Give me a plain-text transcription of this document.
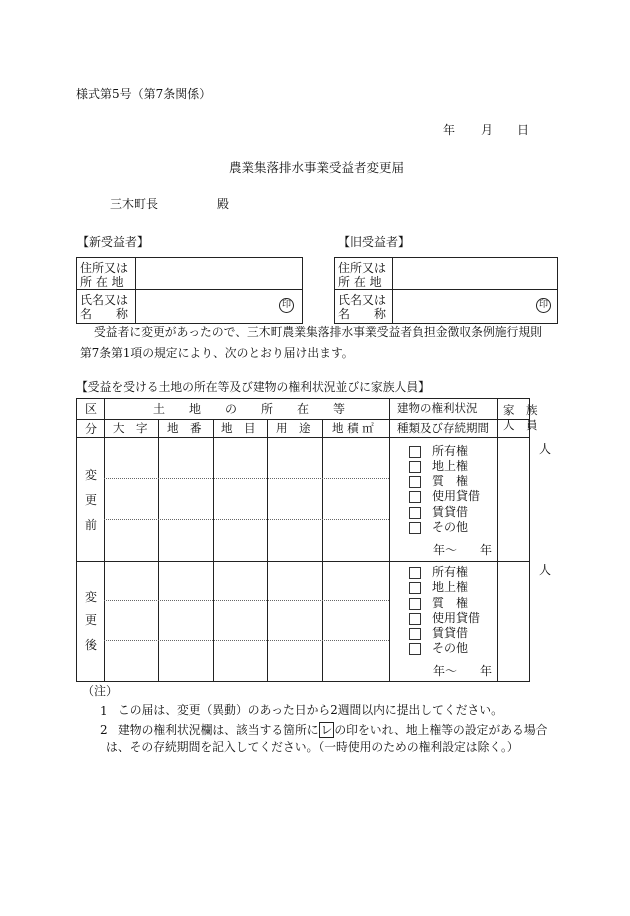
様式第5号（第7条関係）
年 月 日
農業集落排水事業受益者変更届
三木町長	殿
【新受益者】
住所又は
所 在 地
氏名又は
名　　称
印
【旧受益者】
住所又は
所 在 地
氏名又は
名　　称
印
受益者に変更があったので、三木町農業集落排水事業受益者負担金徴収条例施行規則
第7条第1項の規定により、次のとおり届け出ます。
【受益を受ける土地の所在等及び建物の権利状況並びに家族人員】
区
分
土　　地　　の　　所　　在　　等
大　字 地　番 地　目 用　途 地 積 ㎡
建物の権利状況
種類及び存続期間
家　族
人　員
変
更
前
所有権
地上権
質　権
使用貸借
賃貸借
その他
年～ 年
人
変
更
後
所有権
地上権
質　権
使用貸借
賃貸借
その他
年～ 年
人
（注）
1 この届は、変更（異動）のあった日から2週間以内に提出してください。
2 建物の権利状況欄は、該当する箇所に レ の印をいれ、地上権等の設定がある場合
は、その存続期間を記入してください。（一時使用のための権利設定は除く。）
